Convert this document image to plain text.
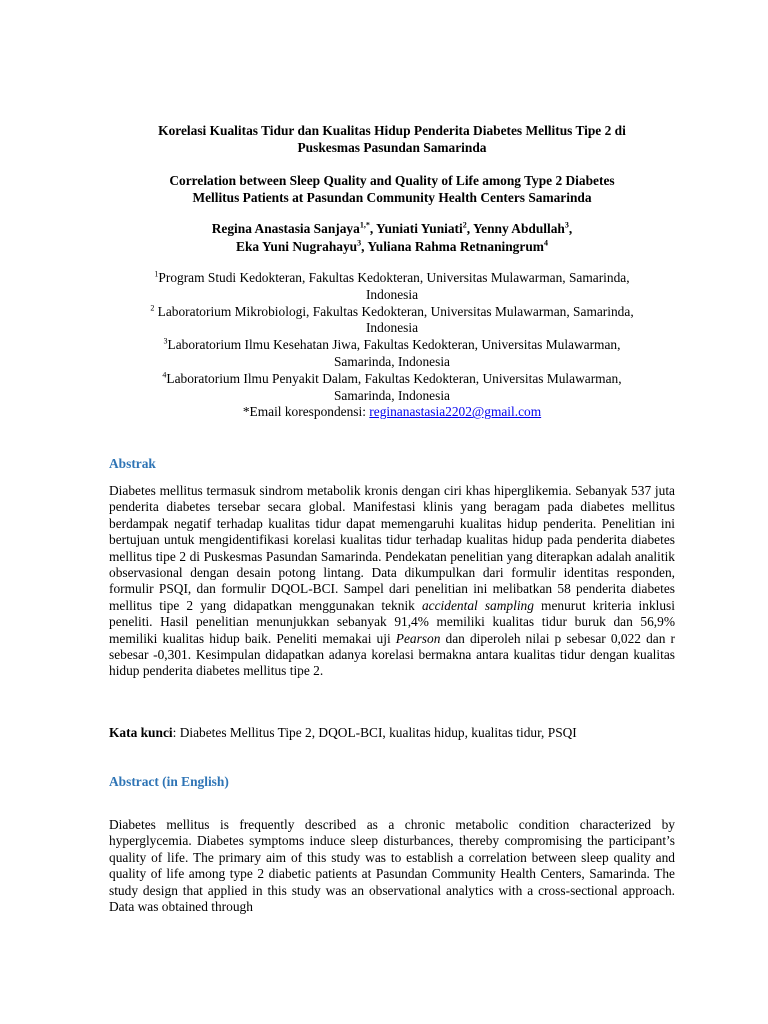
Korelasi Kualitas Tidur dan Kualitas Hidup Penderita Diabetes Mellitus Tipe 2 di
Puskesmas Pasundan Samarinda
Correlation between Sleep Quality and Quality of Life among Type 2 Diabetes
Mellitus Patients at Pasundan Community Health Centers Samarinda
Regina Anastasia Sanjaya$^{1,*}$, Yuniati Yuniati$^2$, Yenny Abdullah$^3$,
Eka Yuni Nugrahayu$^3$, Yuliana Rahma Retnaningrum$^4$
$^1$Program Studi Kedokteran, Fakultas Kedokteran, Universitas Mulawarman, Samarinda,
Indonesia
$^2$ Laboratorium Mikrobiologi, Fakultas Kedokteran, Universitas Mulawarman, Samarinda,
Indonesia
$^3$Laboratorium Ilmu Kesehatan Jiwa, Fakultas Kedokteran, Universitas Mulawarman,
Samarinda, Indonesia
$^4$Laboratorium Ilmu Penyakit Dalam, Fakultas Kedokteran, Universitas Mulawarman,
Samarinda, Indonesia
*Email korespondensi: reginanastasia2202@gmail.com
Abstrak
Diabetes mellitus termasuk sindrom metabolik kronis dengan ciri khas hiperglikemia. Sebanyak 537 juta penderita diabetes tersebar secara global. Manifestasi klinis yang beragam pada diabetes mellitus berdampak negatif terhadap kualitas tidur dapat memengaruhi kualitas hidup penderita. Penelitian ini bertujuan untuk mengidentifikasi korelasi kualitas tidur terhadap kualitas hidup pada penderita diabetes mellitus tipe 2 di Puskesmas Pasundan Samarinda. Pendekatan penelitian yang diterapkan adalah analitik observasional dengan desain potong lintang. Data dikumpulkan dari formulir identitas responden, formulir PSQI, dan formulir DQOL-BCI. Sampel dari penelitian ini melibatkan 58 penderita diabetes mellitus tipe 2 yang didapatkan menggunakan teknik accidental sampling menurut kriteria inklusi peneliti. Hasil penelitian menunjukkan sebanyak 91,4% memiliki kualitas tidur buruk dan 56,9% memiliki kualitas hidup baik. Peneliti memakai uji Pearson dan diperoleh nilai p sebesar 0,022 dan r sebesar -0,301. Kesimpulan didapatkan adanya korelasi bermakna antara kualitas tidur dengan kualitas hidup penderita diabetes mellitus tipe 2.
Kata kunci: Diabetes Mellitus Tipe 2, DQOL-BCI, kualitas hidup, kualitas tidur, PSQI
Abstract (in English)
Diabetes mellitus is frequently described as a chronic metabolic condition characterized by hyperglycemia. Diabetes symptoms induce sleep disturbances, thereby compromising the participant’s quality of life. The primary aim of this study was to establish a correlation between sleep quality and quality of life among type 2 diabetic patients at Pasundan Community Health Centers, Samarinda. The study design that applied in this study was an observational analytics with a cross-sectional approach. Data was obtained through
